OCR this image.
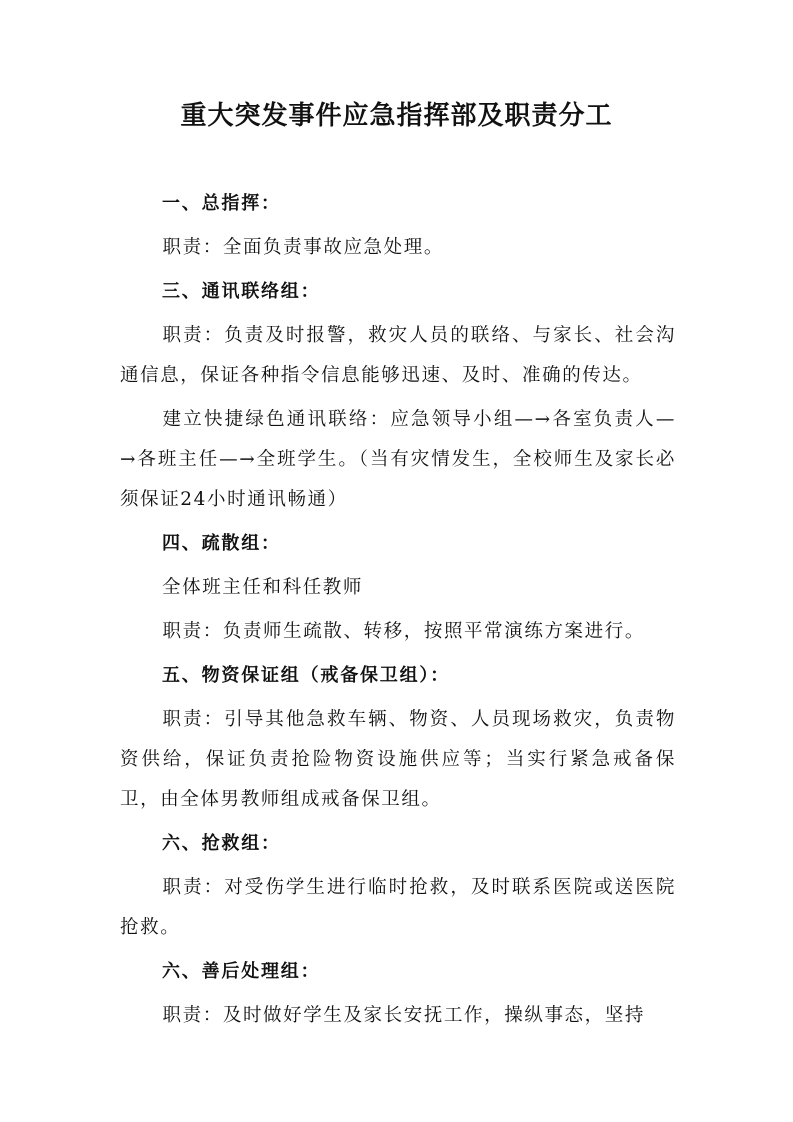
重大突发事件应急指挥部及职责分工

一、总指挥：

职责：全面负责事故应急处理。

三、通讯联络组：

职责：负责及时报警，救灾人员的联络、与家长、社会沟通信息，保证各种指令信息能够迅速、及时、准确的传达。

建立快捷绿色通讯联络：应急领导小组—→各室负责人—→各班主任—→全班学生。（当有灾情发生，全校师生及家长必须保证24小时通讯畅通）

四、疏散组：

全体班主任和科任教师

职责：负责师生疏散、转移，按照平常演练方案进行。

五、物资保证组（戒备保卫组）：

职责：引导其他急救车辆、物资、人员现场救灾，负责物资供给，保证负责抢险物资设施供应等；当实行紧急戒备保卫，由全体男教师组成戒备保卫组。

六、抢救组：

职责：对受伤学生进行临时抢救，及时联系医院或送医院抢救。

六、善后处理组：

职责：及时做好学生及家长安抚工作，操纵事态，坚持
